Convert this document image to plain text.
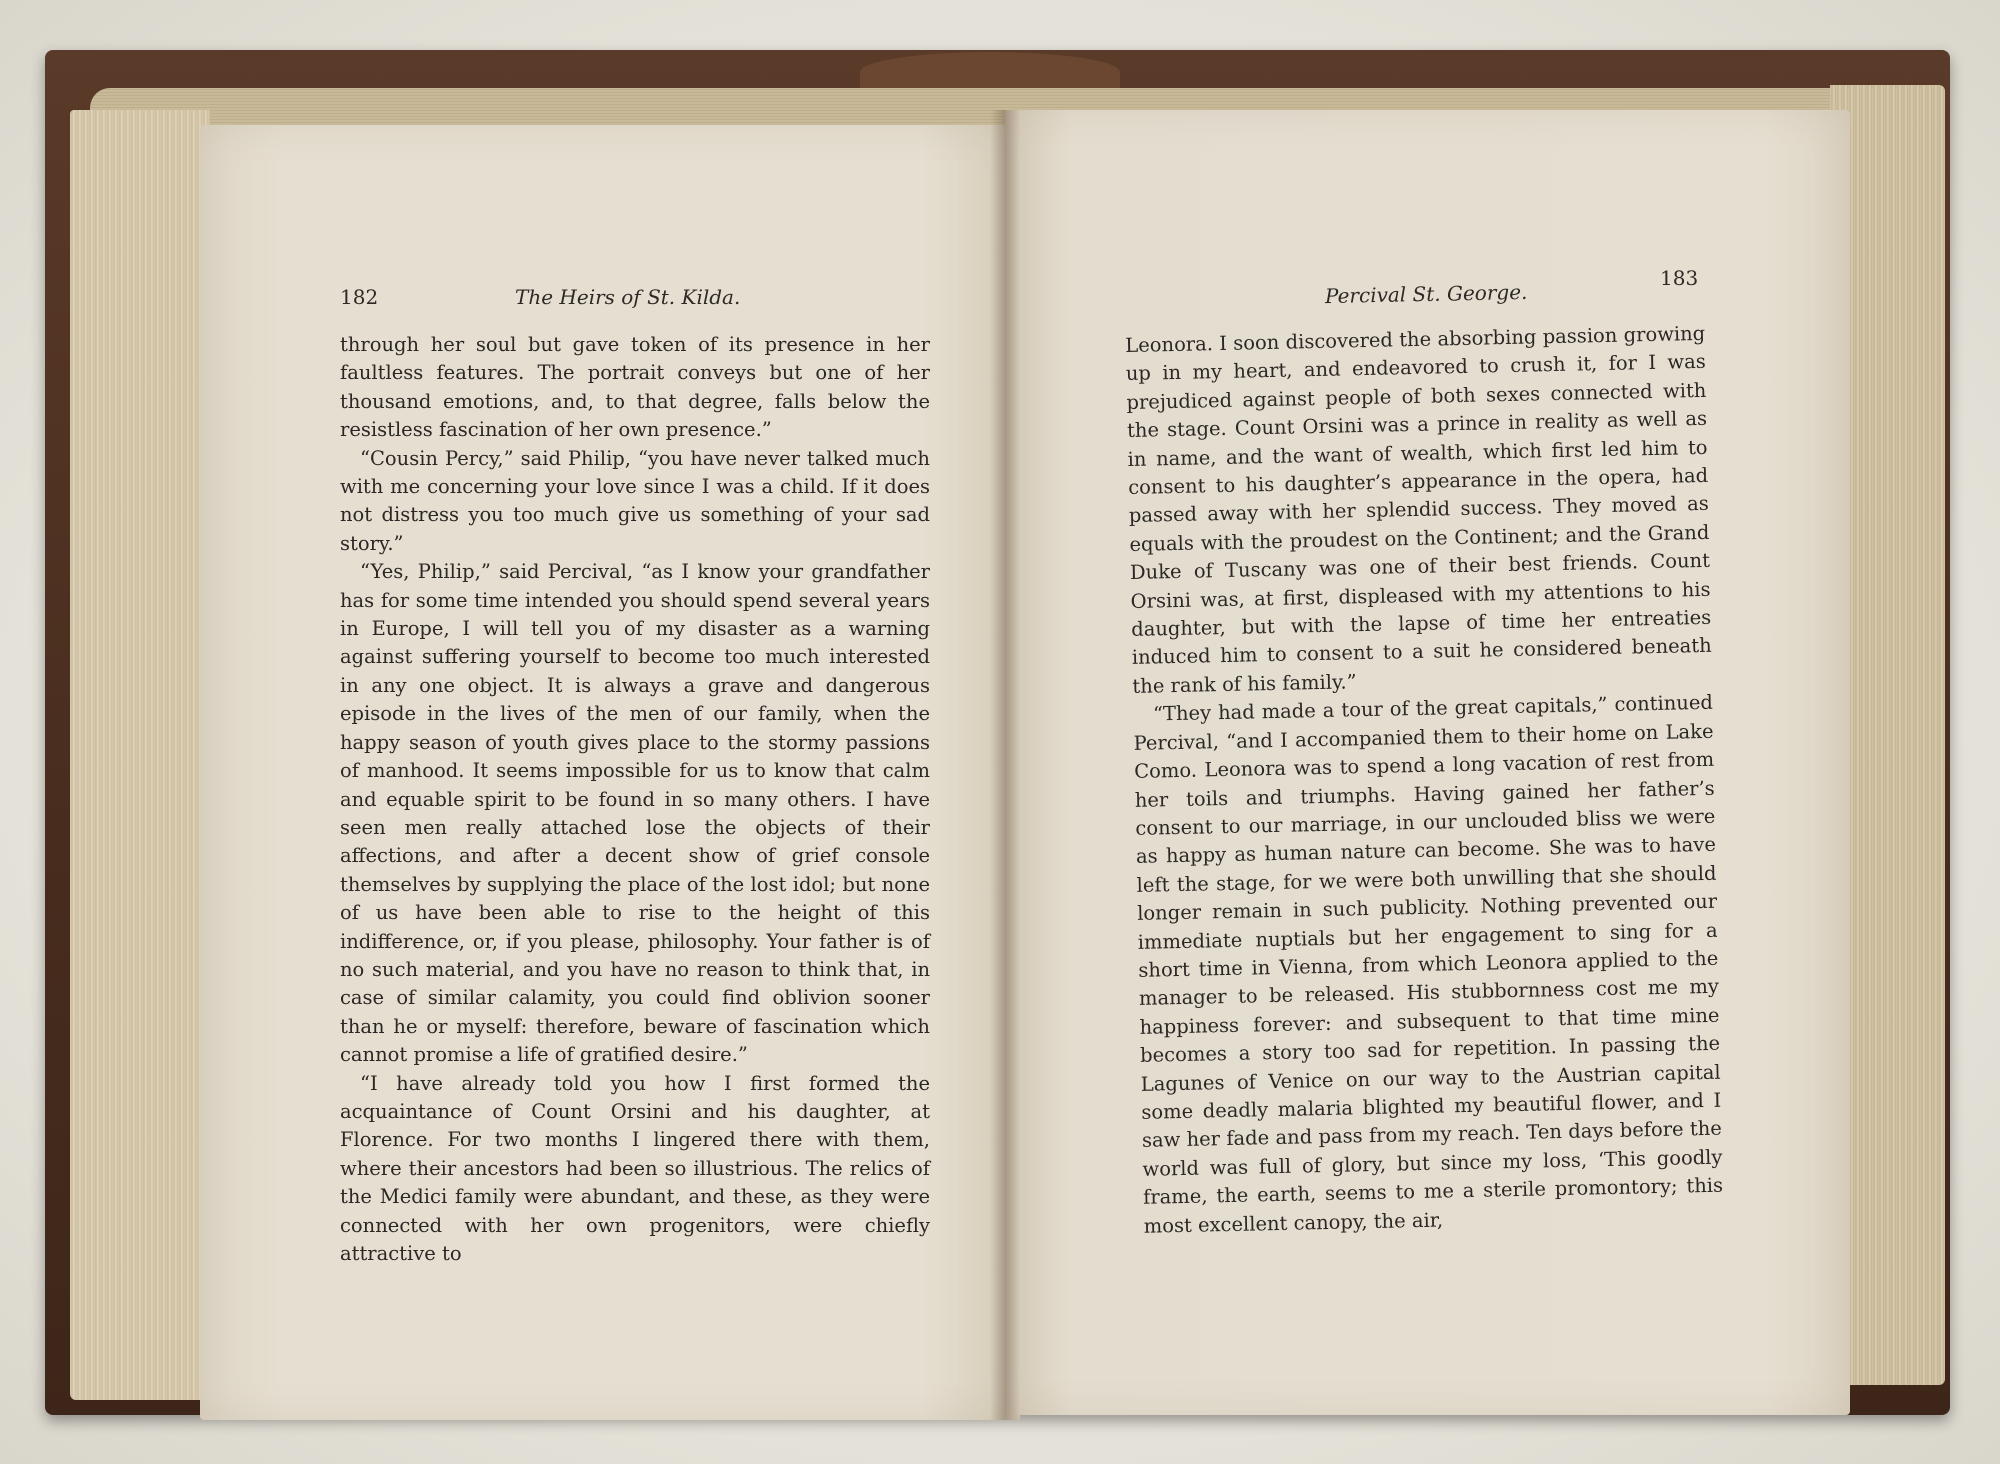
182	The Heirs of St. Kilda.

through her soul but gave token of its presence in her faultless features. The portrait conveys but one of her thousand emotions, and, to that degree, falls below the resistless fascination of her own presence.”

“Cousin Percy,” said Philip, “you have never talked much with me concerning your love since I was a child. If it does not distress you too much give us something of your sad story.”

“Yes, Philip,” said Percival, “as I know your grandfather has for some time intended you should spend several years in Europe, I will tell you of my disaster as a warning against suffering yourself to become too much interested in any one object. It is always a grave and dangerous episode in the lives of the men of our family, when the happy season of youth gives place to the stormy passions of manhood. It seems impossible for us to know that calm and equable spirit to be found in so many others. I have seen men really attached lose the objects of their affections, and after a decent show of grief console themselves by supplying the place of the lost idol; but none of us have been able to rise to the height of this indifference, or, if you please, philosophy. Your father is of no such material, and you have no reason to think that, in case of similar calamity, you could find oblivion sooner than he or myself: therefore, beware of fascination which cannot promise a life of gratified desire.”

“I have already told you how I first formed the acquaintance of Count Orsini and his daughter, at Florence. For two months I lingered there with them, where their ancestors had been so illustrious. The relics of the Medici family were abundant, and these, as they were connected with her own progenitors, were chiefly attractive to

Percival St. George.
183

Leonora. I soon discovered the absorbing passion growing up in my heart, and endeavored to crush it, for I was prejudiced against people of both sexes connected with the stage. Count Orsini was a prince in reality as well as in name, and the want of wealth, which first led him to consent to his daughter’s appearance in the opera, had passed away with her splendid success. They moved as equals with the proudest on the Continent; and the Grand Duke of Tuscany was one of their best friends. Count Orsini was, at first, displeased with my attentions to his daughter, but with the lapse of time her entreaties induced him to consent to a suit he considered beneath the rank of his family.”

“They had made a tour of the great capitals,” continued Percival, “and I accompanied them to their home on Lake Como. Leonora was to spend a long vacation of rest from her toils and triumphs. Having gained her father’s consent to our marriage, in our unclouded bliss we were as happy as human nature can become. She was to have left the stage, for we were both unwilling that she should longer remain in such publicity. Nothing prevented our immediate nuptials but her engagement to sing for a short time in Vienna, from which Leonora applied to the manager to be released. His stubbornness cost me my happiness forever: and subsequent to that time mine becomes a story too sad for repetition. In passing the Lagunes of Venice on our way to the Austrian capital some deadly malaria blighted my beautiful flower, and I saw her fade and pass from my reach. Ten days before the world was full of glory, but since my loss, ‘This goodly frame, the earth, seems to me a sterile promontory; this most excellent canopy, the air,
